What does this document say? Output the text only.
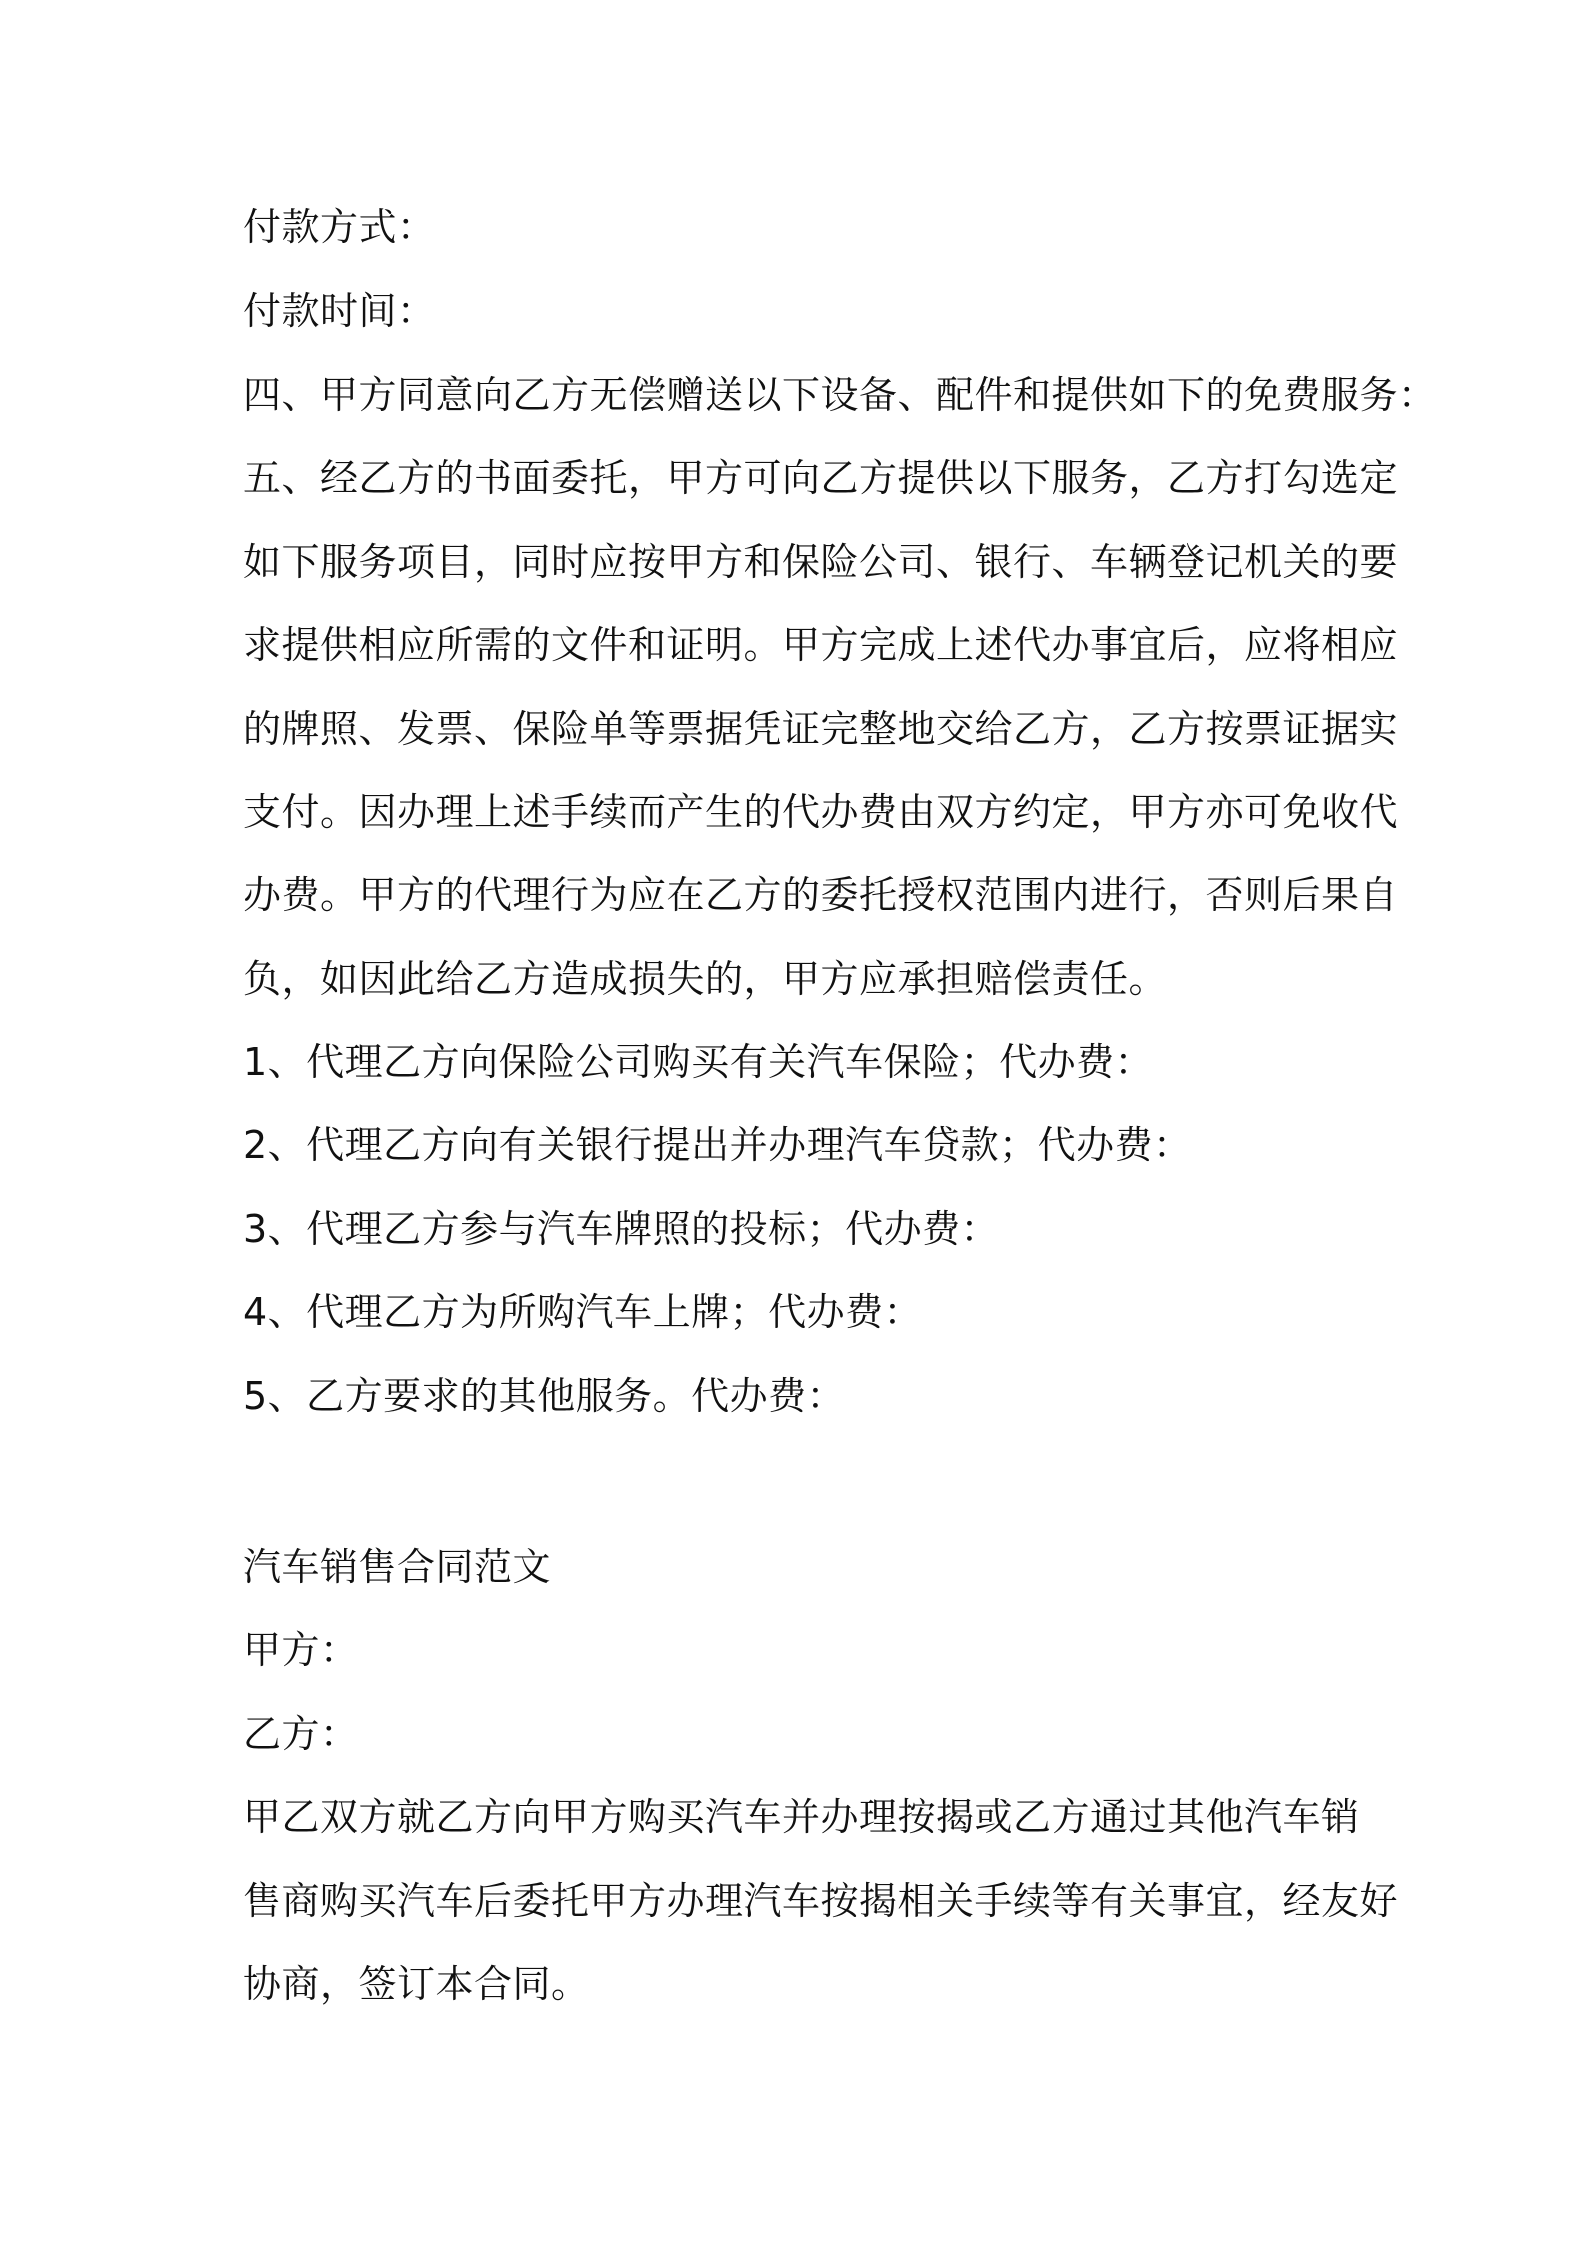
付款方式：
付款时间：
四、甲方同意向乙方无偿赠送以下设备、配件和提供如下的免费服务：
五、经乙方的书面委托，甲方可向乙方提供以下服务，乙方打勾选定
如下服务项目，同时应按甲方和保险公司、银行、车辆登记机关的要
求提供相应所需的文件和证明。甲方完成上述代办事宜后，应将相应
的牌照、发票、保险单等票据凭证完整地交给乙方，乙方按票证据实
支付。因办理上述手续而产生的代办费由双方约定，甲方亦可免收代
办费。甲方的代理行为应在乙方的委托授权范围内进行，否则后果自
负，如因此给乙方造成损失的，甲方应承担赔偿责任。
1、代理乙方向保险公司购买有关汽车保险；代办费：
2、代理乙方向有关银行提出并办理汽车贷款；代办费：
3、代理乙方参与汽车牌照的投标；代办费：
4、代理乙方为所购汽车上牌；代办费：
5、乙方要求的其他服务。代办费：
汽车销售合同范文
甲方：
乙方：
甲乙双方就乙方向甲方购买汽车并办理按揭或乙方通过其他汽车销
售商购买汽车后委托甲方办理汽车按揭相关手续等有关事宜，经友好
协商，签订本合同。
